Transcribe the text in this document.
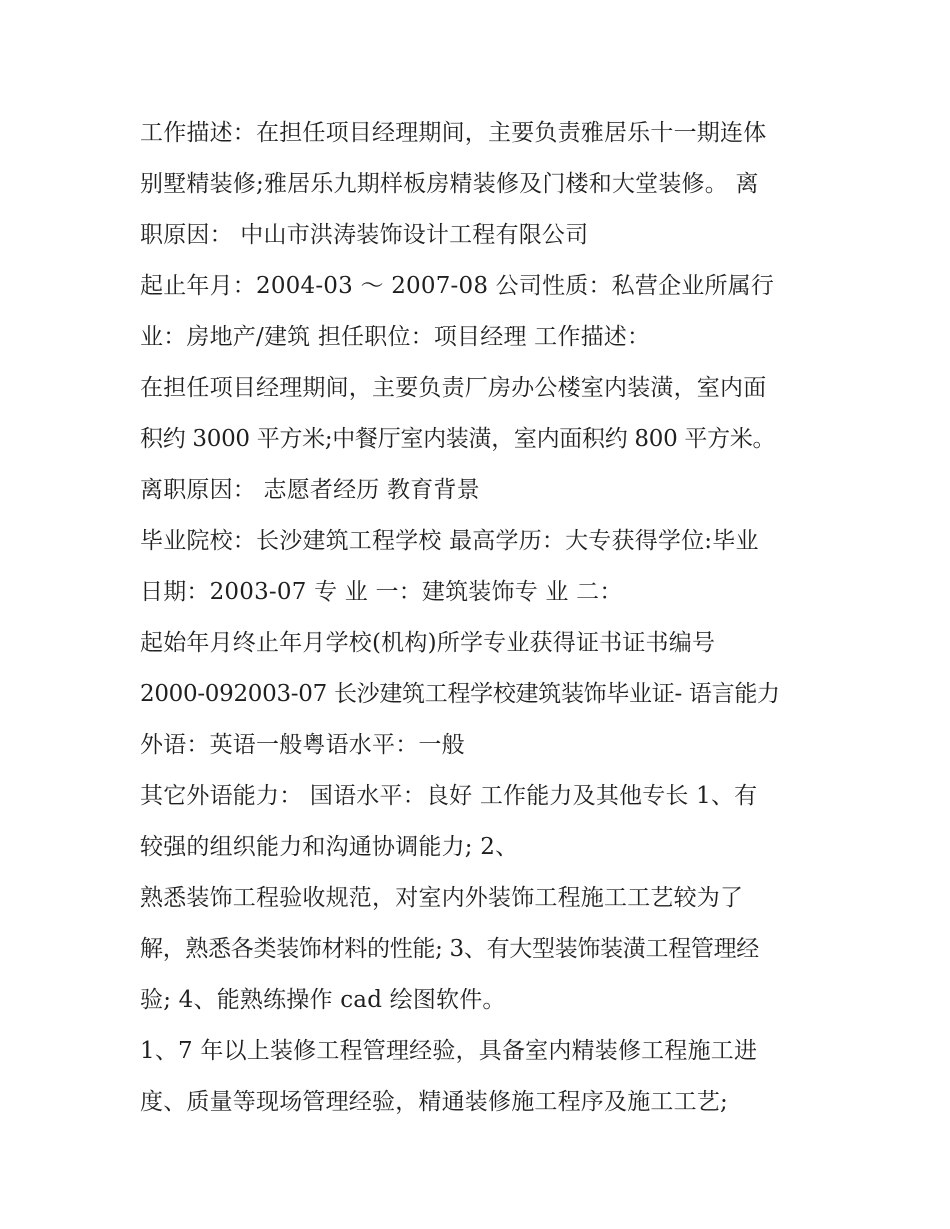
工作描述：在担任项目经理期间，主要负责雅居乐十一期连体
别墅精装修;雅居乐九期样板房精装修及门楼和大堂装修。 离
职原因： 中山市洪涛装饰设计工程有限公司
起止年月：2004-03 ～ 2007-08 公司性质：私营企业所属行
业：房地产/建筑 担任职位：项目经理 工作描述：
在担任项目经理期间，主要负责厂房办公楼室内装潢，室内面
积约 3000 平方米;中餐厅室内装潢，室内面积约 800 平方米。
离职原因： 志愿者经历 教育背景
毕业院校：长沙建筑工程学校 最高学历：大专获得学位:毕业
日期：2003-07 专 业 一：建筑装饰专 业 二：
起始年月终止年月学校(机构)所学专业获得证书证书编号
2000-092003-07 长沙建筑工程学校建筑装饰毕业证- 语言能力
外语：英语一般粤语水平：一般
其它外语能力： 国语水平：良好 工作能力及其他专长 1、有
较强的组织能力和沟通协调能力; 2、
熟悉装饰工程验收规范，对室内外装饰工程施工工艺较为了
解，熟悉各类装饰材料的性能; 3、有大型装饰装潢工程管理经
验; 4、能熟练操作 cad 绘图软件。
1、7 年以上装修工程管理经验，具备室内精装修工程施工进
度、质量等现场管理经验，精通装修施工程序及施工工艺;
